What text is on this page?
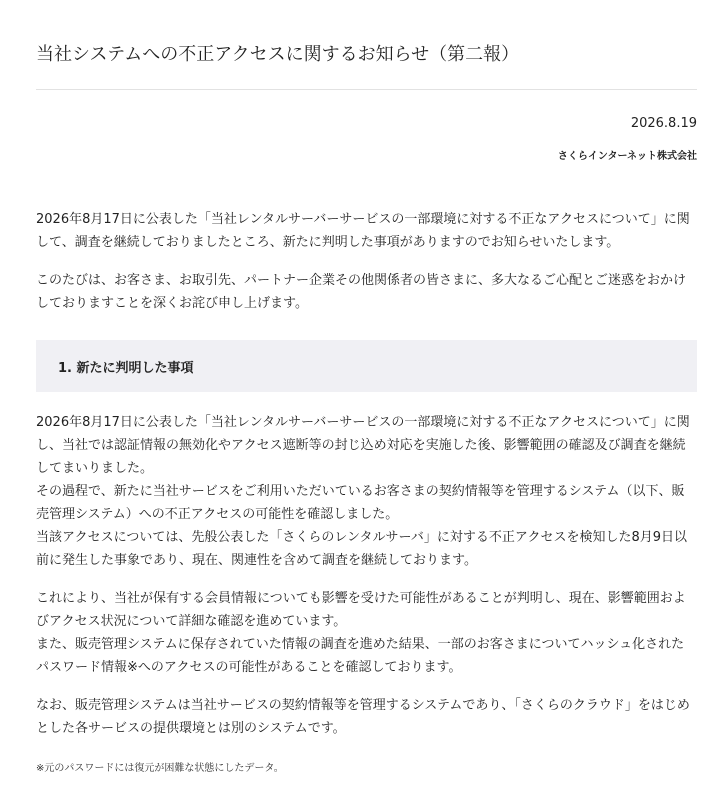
当社システムへの不正アクセスに関するお知らせ（第二報）
2026.8.19
さくらインターネット株式会社

2026年8月17日に公表した「当社レンタルサーバーサービスの一部環境に対する不正なアクセスについて」に関して、調査を継続しておりましたところ、新たに判明した事項がありますのでお知らせいたします。

このたびは、お客さま、お取引先、パートナー企業その他関係者の皆さまに、多大なるご心配とご迷惑をおかけしておりますことを深くお詫び申し上げます。

1. 新たに判明した事項

2026年8月17日に公表した「当社レンタルサーバーサービスの一部環境に対する不正なアクセスについて」に関し、当社では認証情報の無効化やアクセス遮断等の封じ込め対応を実施した後、影響範囲の確認及び調査を継続してまいりました。
その過程で、新たに当社サービスをご利用いただいているお客さまの契約情報等を管理するシステム（以下、販売管理システム）への不正アクセスの可能性を確認しました。
当該アクセスについては、先般公表した「さくらのレンタルサーバ」に対する不正アクセスを検知した8月9日以前に発生した事象であり、現在、関連性を含めて調査を継続しております。

これにより、当社が保有する会員情報についても影響を受けた可能性があることが判明し、現在、影響範囲およびアクセス状況について詳細な確認を進めています。
また、販売管理システムに保存されていた情報の調査を進めた結果、一部のお客さまについてハッシュ化されたパスワード情報※へのアクセスの可能性があることを確認しております。

なお、販売管理システムは当社サービスの契約情報等を管理するシステムであり、「さくらのクラウド」をはじめとした各サービスの提供環境とは別のシステムです。

※元のパスワードには復元が困難な状態にしたデータ。
